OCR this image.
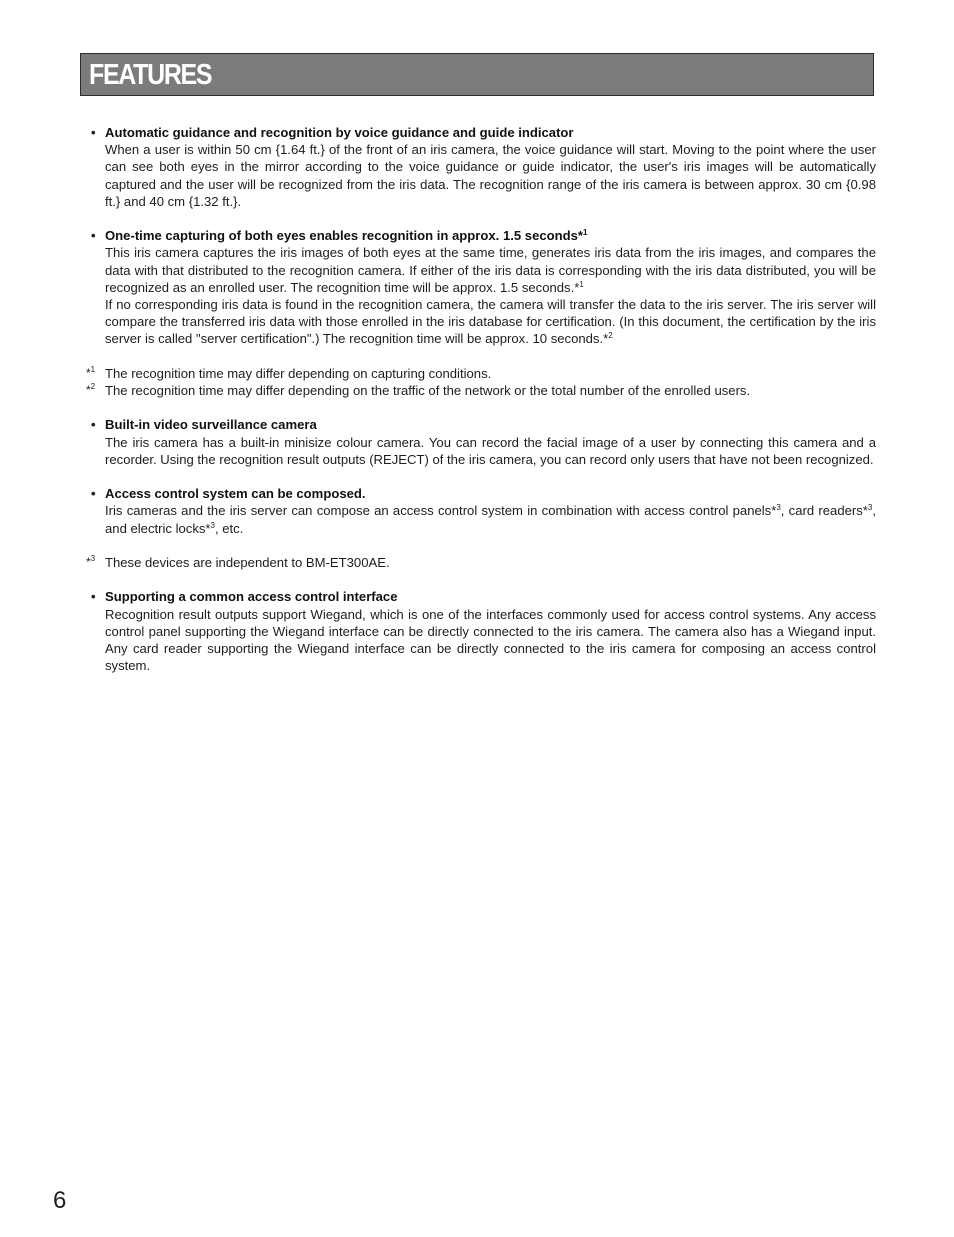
FEATURES
• Automatic guidance and recognition by voice guidance and guide indicator
When a user is within 50 cm {1.64 ft.} of the front of an iris camera, the voice guidance will start. Moving to the point where the user can see both eyes in the mirror according to the voice guidance or guide indicator, the user's iris images will be automatically captured and the user will be recognized from the iris data. The recognition range of the iris camera is between approx. 30 cm {0.98 ft.} and 40 cm {1.32 ft.}.
• One-time capturing of both eyes enables recognition in approx. 1.5 seconds*$^1$
This iris camera captures the iris images of both eyes at the same time, generates iris data from the iris images, and compares the data with that distributed to the recognition camera. If either of the iris data is corresponding with the iris data distributed, you will be recognized as an enrolled user. The recognition time will be approx. 1.5 seconds.*$^1$
If no corresponding iris data is found in the recognition camera, the camera will transfer the data to the iris server. The iris server will compare the transferred iris data with those enrolled in the iris database for certification. (In this document, the certification by the iris server is called "server certification".) The recognition time will be approx. 10 seconds.*$^2$
*$^1$ The recognition time may differ depending on capturing conditions.
*$^2$ The recognition time may differ depending on the traffic of the network or the total number of the enrolled users.
• Built-in video surveillance camera
The iris camera has a built-in minisize colour camera. You can record the facial image of a user by connecting this camera and a recorder. Using the recognition result outputs (REJECT) of the iris camera, you can record only users that have not been recognized.
• Access control system can be composed.
Iris cameras and the iris server can compose an access control system in combination with access control panels*$^3$, card readers*$^3$, and electric locks*$^3$, etc.
*$^3$ These devices are independent to BM-ET300AE.
• Supporting a common access control interface
Recognition result outputs support Wiegand, which is one of the interfaces commonly used for access control systems. Any access control panel supporting the Wiegand interface can be directly connected to the iris camera. The camera also has a Wiegand input. Any card reader supporting the Wiegand interface can be directly connected to the iris camera for composing an access control system.
6
